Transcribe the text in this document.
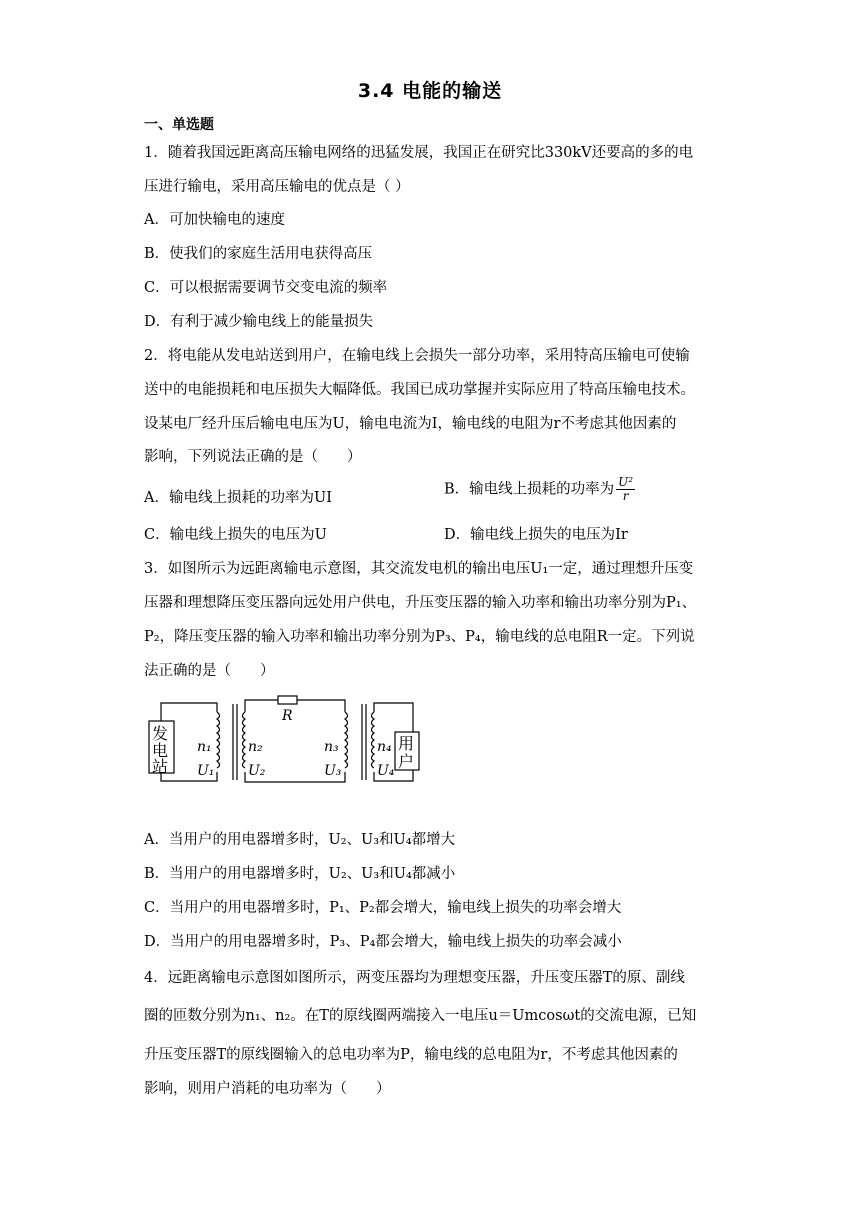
3.4 电能的输送
一、单选题
1．随着我国远距离高压输电网络的迅猛发展，我国正在研究比330kV还要高的多的电
压进行输电，采用高压输电的优点是（ ）
A．可加快输电的速度
B．使我们的家庭生活用电获得高压
C．可以根据需要调节交变电流的频率
D．有利于减少输电线上的能量损失
2．将电能从发电站送到用户，在输电线上会损失一部分功率，采用特高压输电可使输
送中的电能损耗和电压损失大幅降低。我国已成功掌握并实际应用了特高压输电技术。
设某电厂经升压后输电电压为U，输电电流为I，输电线的电阻为r不考虑其他因素的
影响，下列说法正确的是（　　）
A．输电线上损耗的功率为UI
B．输电线上损耗的功率为 $\frac{\text{U²}}{r}$
C．输电线上损失的电压为U	D．输电线上损失的电压为Ir
3．如图所示为远距离输电示意图，其交流发电机的输出电压U₁一定，通过理想升压变
压器和理想降压变压器向远处用户供电，升压变压器的输入功率和输出功率分别为P₁、
P₂，降压变压器的输入功率和输出功率分别为P₃、P₄，输电线的总电阻R一定。下列说
法正确的是（　　）
发
电
站
用
户
R
n₁
U₁
n₂
U₂
n₃
U₃
n₄
U₄
A．当用户的用电器增多时，U₂、U₃和U₄都增大
B．当用户的用电器增多时，U₂、U₃和U₄都减小
C．当用户的用电器增多时，P₁、P₂都会增大，输电线上损失的功率会增大
D．当用户的用电器增多时，P₃、P₄都会增大，输电线上损失的功率会减小
4．远距离输电示意图如图所示，两变压器均为理想变压器，升压变压器T的原、副线
圈的匝数分别为n₁、n₂。在T的原线圈两端接入一电压u＝Umcosωt的交流电源，已知
升压变压器T的原线圈输入的总电功率为P，输电线的总电阻为r，不考虑其他因素的
影响，则用户消耗的电功率为（　　）
